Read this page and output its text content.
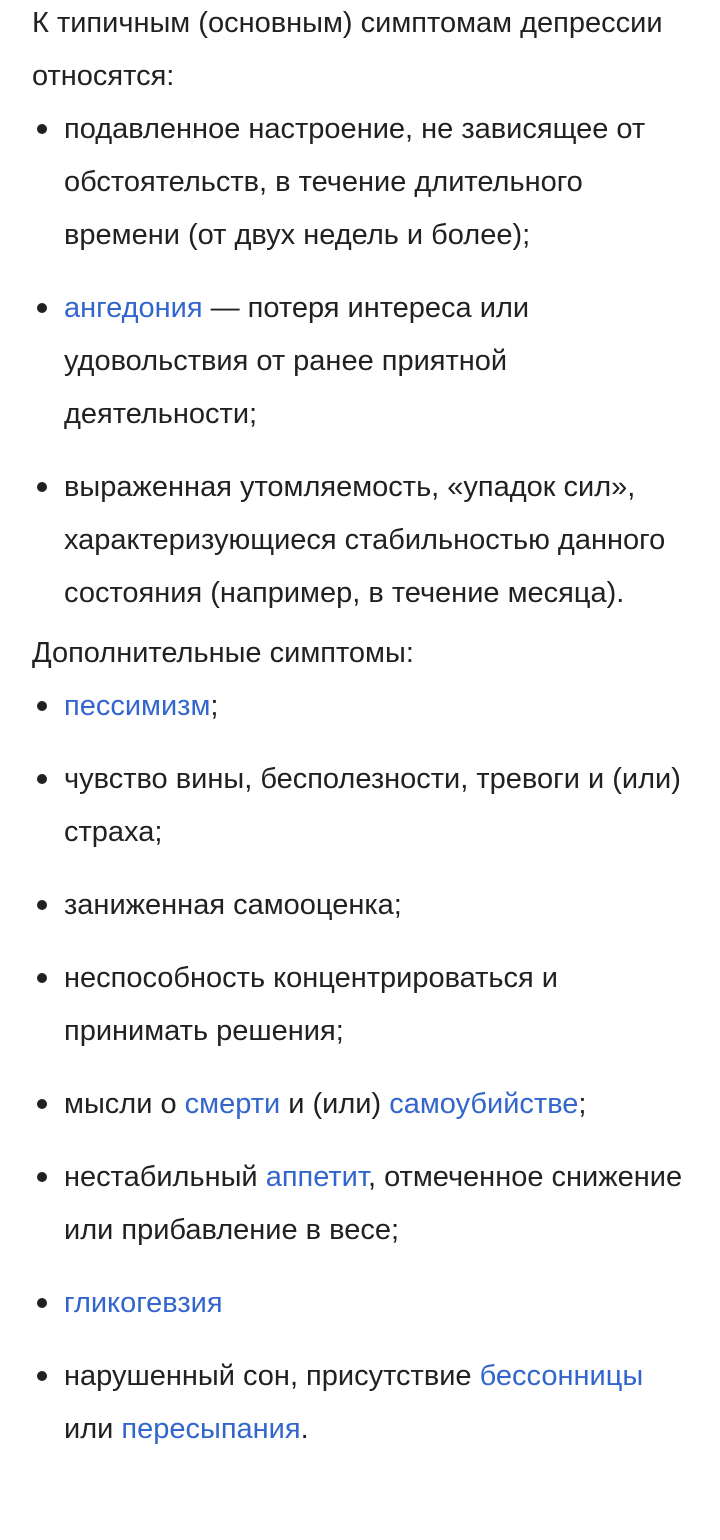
К типичным (основным) симптомам депрессии относятся:

подавленное настроение, не зависящее от обстоятельств, в течение длительного времени (от двух недель и более);
ангедония — потеря интереса или удовольствия от ранее приятной деятельности;
выраженная утомляемость, «упадок сил», характеризующиеся стабильностью данного состояния (например, в течение месяца).

Дополнительные симптомы:

пессимизм;
чувство вины, бесполезности, тревоги и (или) страха;
заниженная самооценка;
неспособность концентрироваться и принимать решения;
мысли о смерти и (или) самоубийстве;
нестабильный аппетит, отмеченное снижение или прибавление в весе;
гликогевзия
нарушенный сон, присутствие бессонницы или пересыпания.
